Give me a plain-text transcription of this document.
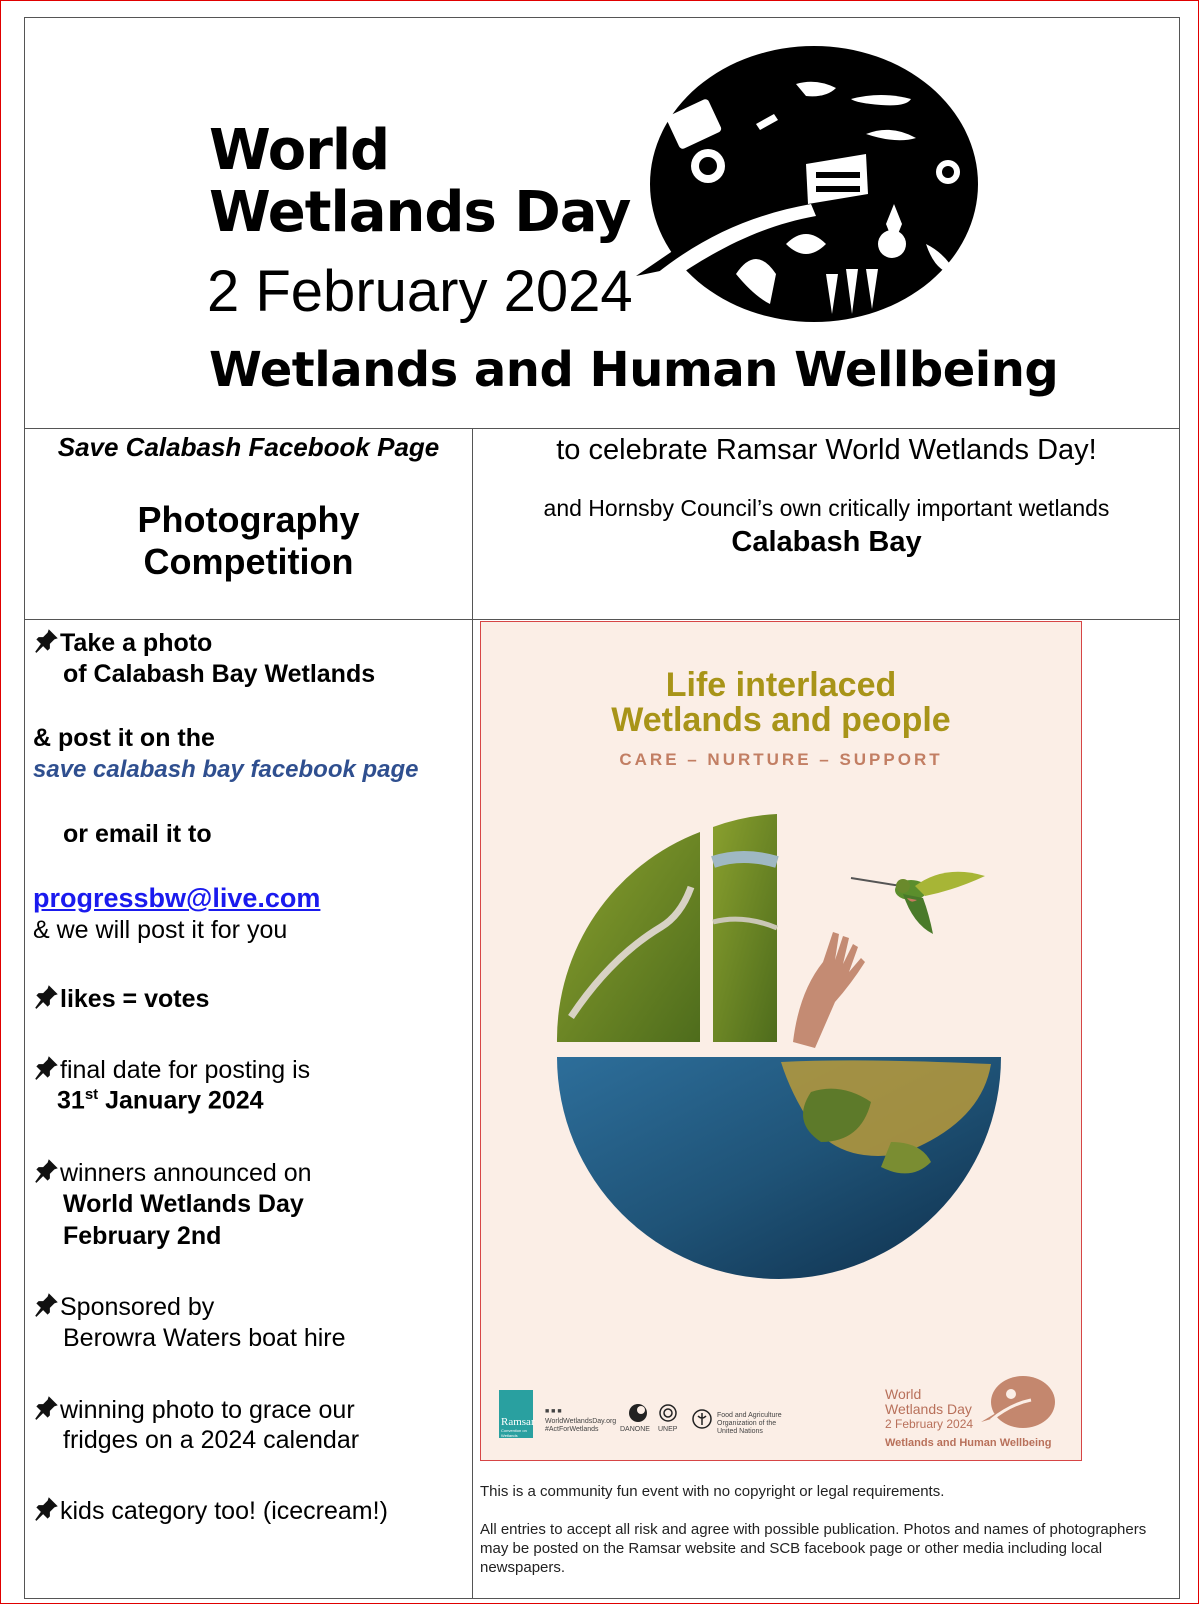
World
Wetlands Day
2 February 2024
Wetlands and Human Wellbeing
Save Calabash Facebook Page
Photography
Competition
to celebrate Ramsar World Wetlands Day!
and Hornsby Council’s own critically important wetlands
Calabash Bay
Take a photo
of Calabash Bay Wetlands
& post it on the
save calabash bay facebook page
or email it to
progressbw@live.com
& we will post it for you
likes = votes
final date for posting is
31st January 2024
winners announced on
World Wetlands Day
February 2nd
Sponsored by
Berowra Waters boat hire
winning photo to grace our
fridges on a 2024 calendar
kids category too! (icecream!)
Life interlaced
Wetlands and people
CARE – NURTURE – SUPPORT
World
Wetlands Day
2 February 2024
Wetlands and Human Wellbeing
Ramsar
Convention on Wetlands
■ ■ ■
WorldWetlandsDay.org
#ActForWetlands	DANONE UNEP
Food and Agriculture Organization of the United Nations
This is a community fun event with no copyright or legal requirements.
All entries to accept all risk and agree with possible publication. Photos and names of photographers may be posted on the Ramsar website and SCB facebook page or other media including local newspapers.
